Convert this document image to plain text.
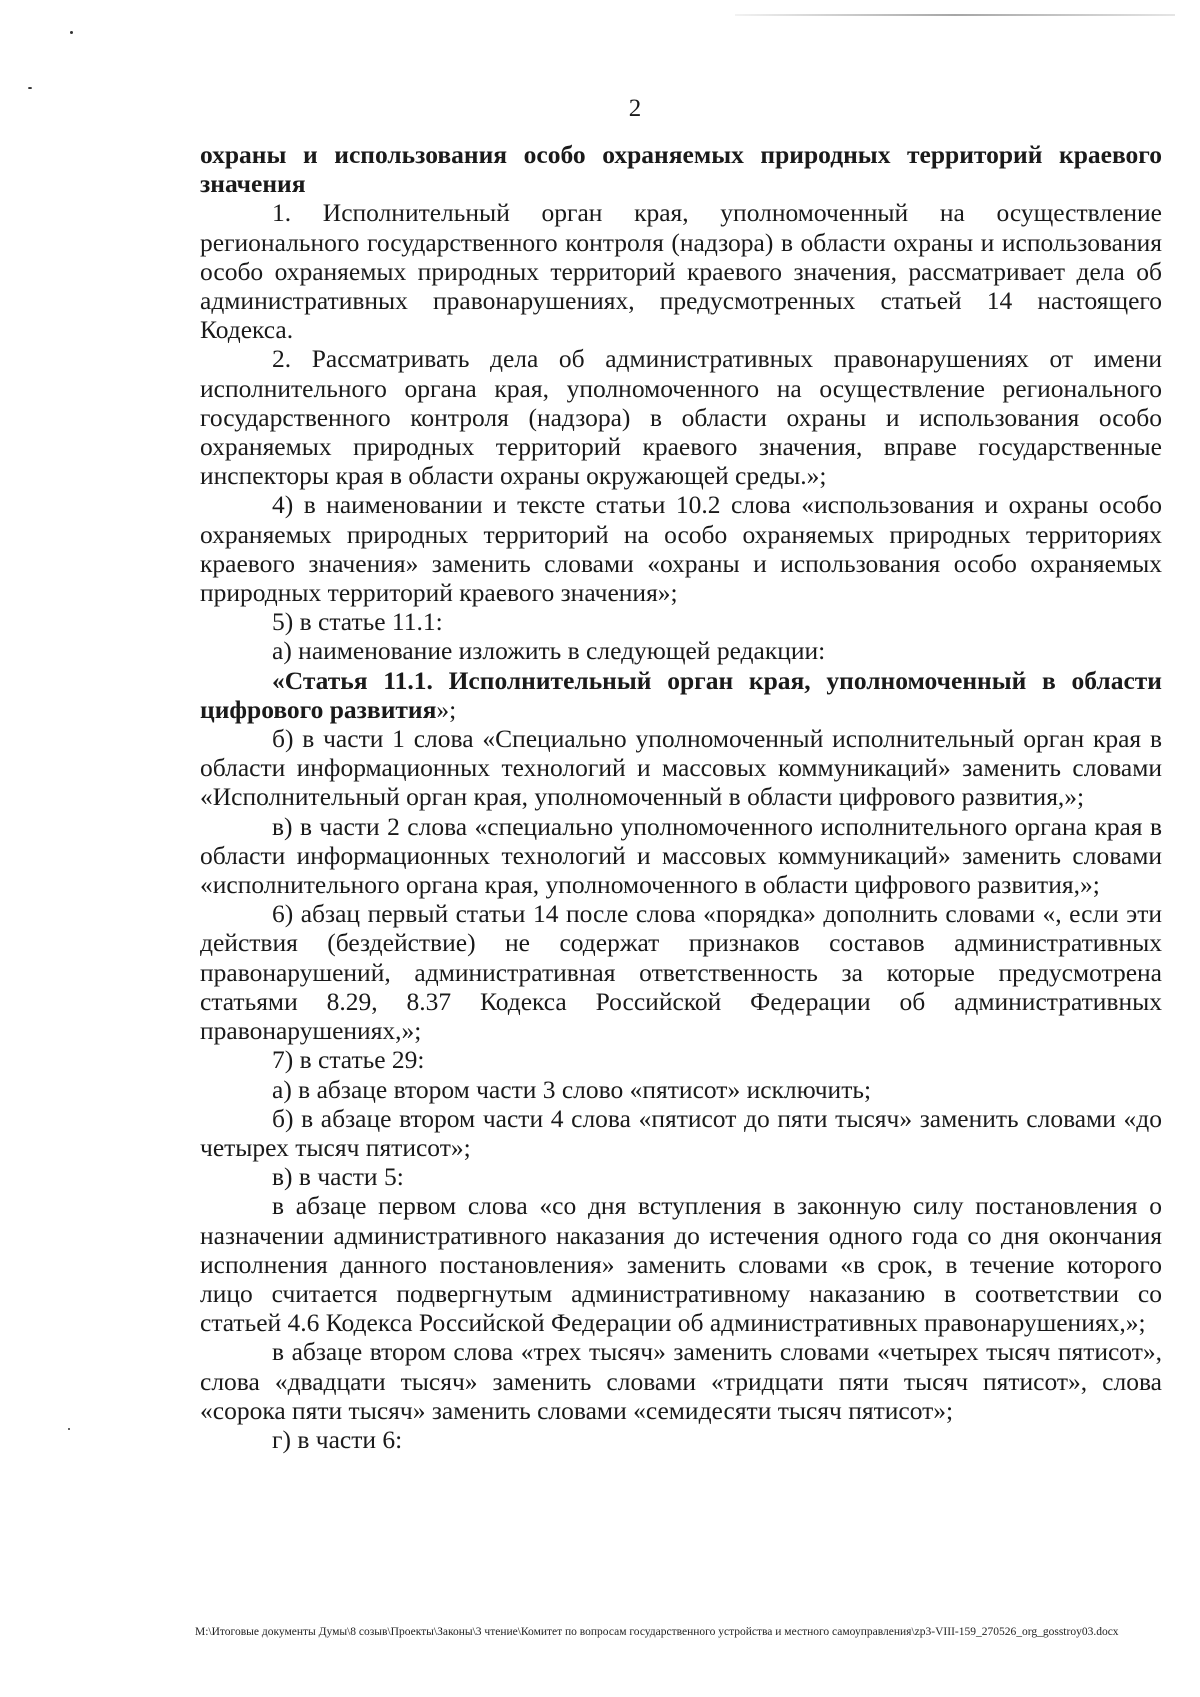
2

охраны и использования особо охраняемых природных территорий краевого значения

1. Исполнительный орган края, уполномоченный на осуществление регионального государственного контроля (надзора) в области охраны и использования особо охраняемых природных территорий краевого значения, рассматривает дела об административных правонарушениях, предусмотренных статьей 14 настоящего Кодекса.

2. Рассматривать дела об административных правонарушениях от имени исполнительного органа края, уполномоченного на осуществление регионального государственного контроля (надзора) в области охраны и использования особо охраняемых природных территорий краевого значения, вправе государственные инспекторы края в области охраны окружающей среды.»;

4) в наименовании и тексте статьи 10.2 слова «использования и охраны особо охраняемых природных территорий на особо охраняемых природных территориях краевого значения» заменить словами «охраны и использования особо охраняемых природных территорий краевого значения»;

5) в статье 11.1:

а) наименование изложить в следующей редакции:

«Статья 11.1. Исполнительный орган края, уполномоченный в области цифрового развития»;

б) в части 1 слова «Специально уполномоченный исполнительный орган края в области информационных технологий и массовых коммуникаций» заменить словами «Исполнительный орган края, уполномоченный в области цифрового развития,»;

в) в части 2 слова «специально уполномоченного исполнительного органа края в области информационных технологий и массовых коммуникаций» заменить словами «исполнительного органа края, уполномоченного в области цифрового развития,»;

6) абзац первый статьи 14 после слова «порядка» дополнить словами «, если эти действия (бездействие) не содержат признаков составов административных правонарушений, административная ответственность за которые предусмотрена статьями 8.29, 8.37 Кодекса Российской Федерации об административных правонарушениях,»;

7) в статье 29:

а) в абзаце втором части 3 слово «пятисот» исключить;

б) в абзаце втором части 4 слова «пятисот до пяти тысяч» заменить словами «до четырех тысяч пятисот»;

в) в части 5:

в абзаце первом слова «со дня вступления в законную силу постановления о назначении административного наказания до истечения одного года со дня окончания исполнения данного постановления» заменить словами «в срок, в течение которого лицо считается подвергнутым административному наказанию в соответствии со статьей 4.6 Кодекса Российской Федерации об административных правонарушениях,»;

в абзаце втором слова «трех тысяч» заменить словами «четырех тысяч пятисот», слова «двадцати тысяч» заменить словами «тридцати пяти тысяч пятисот», слова «сорока пяти тысяч» заменить словами «семидесяти тысяч пятисот»;

г) в части 6:

M:\Итоговые документы Думы\8 созыв\Проекты\Законы\3 чтение\Комитет по вопросам государственного устройства и местного самоуправления\zp3-VIII-159_270526_org_gosstroy03.docx
